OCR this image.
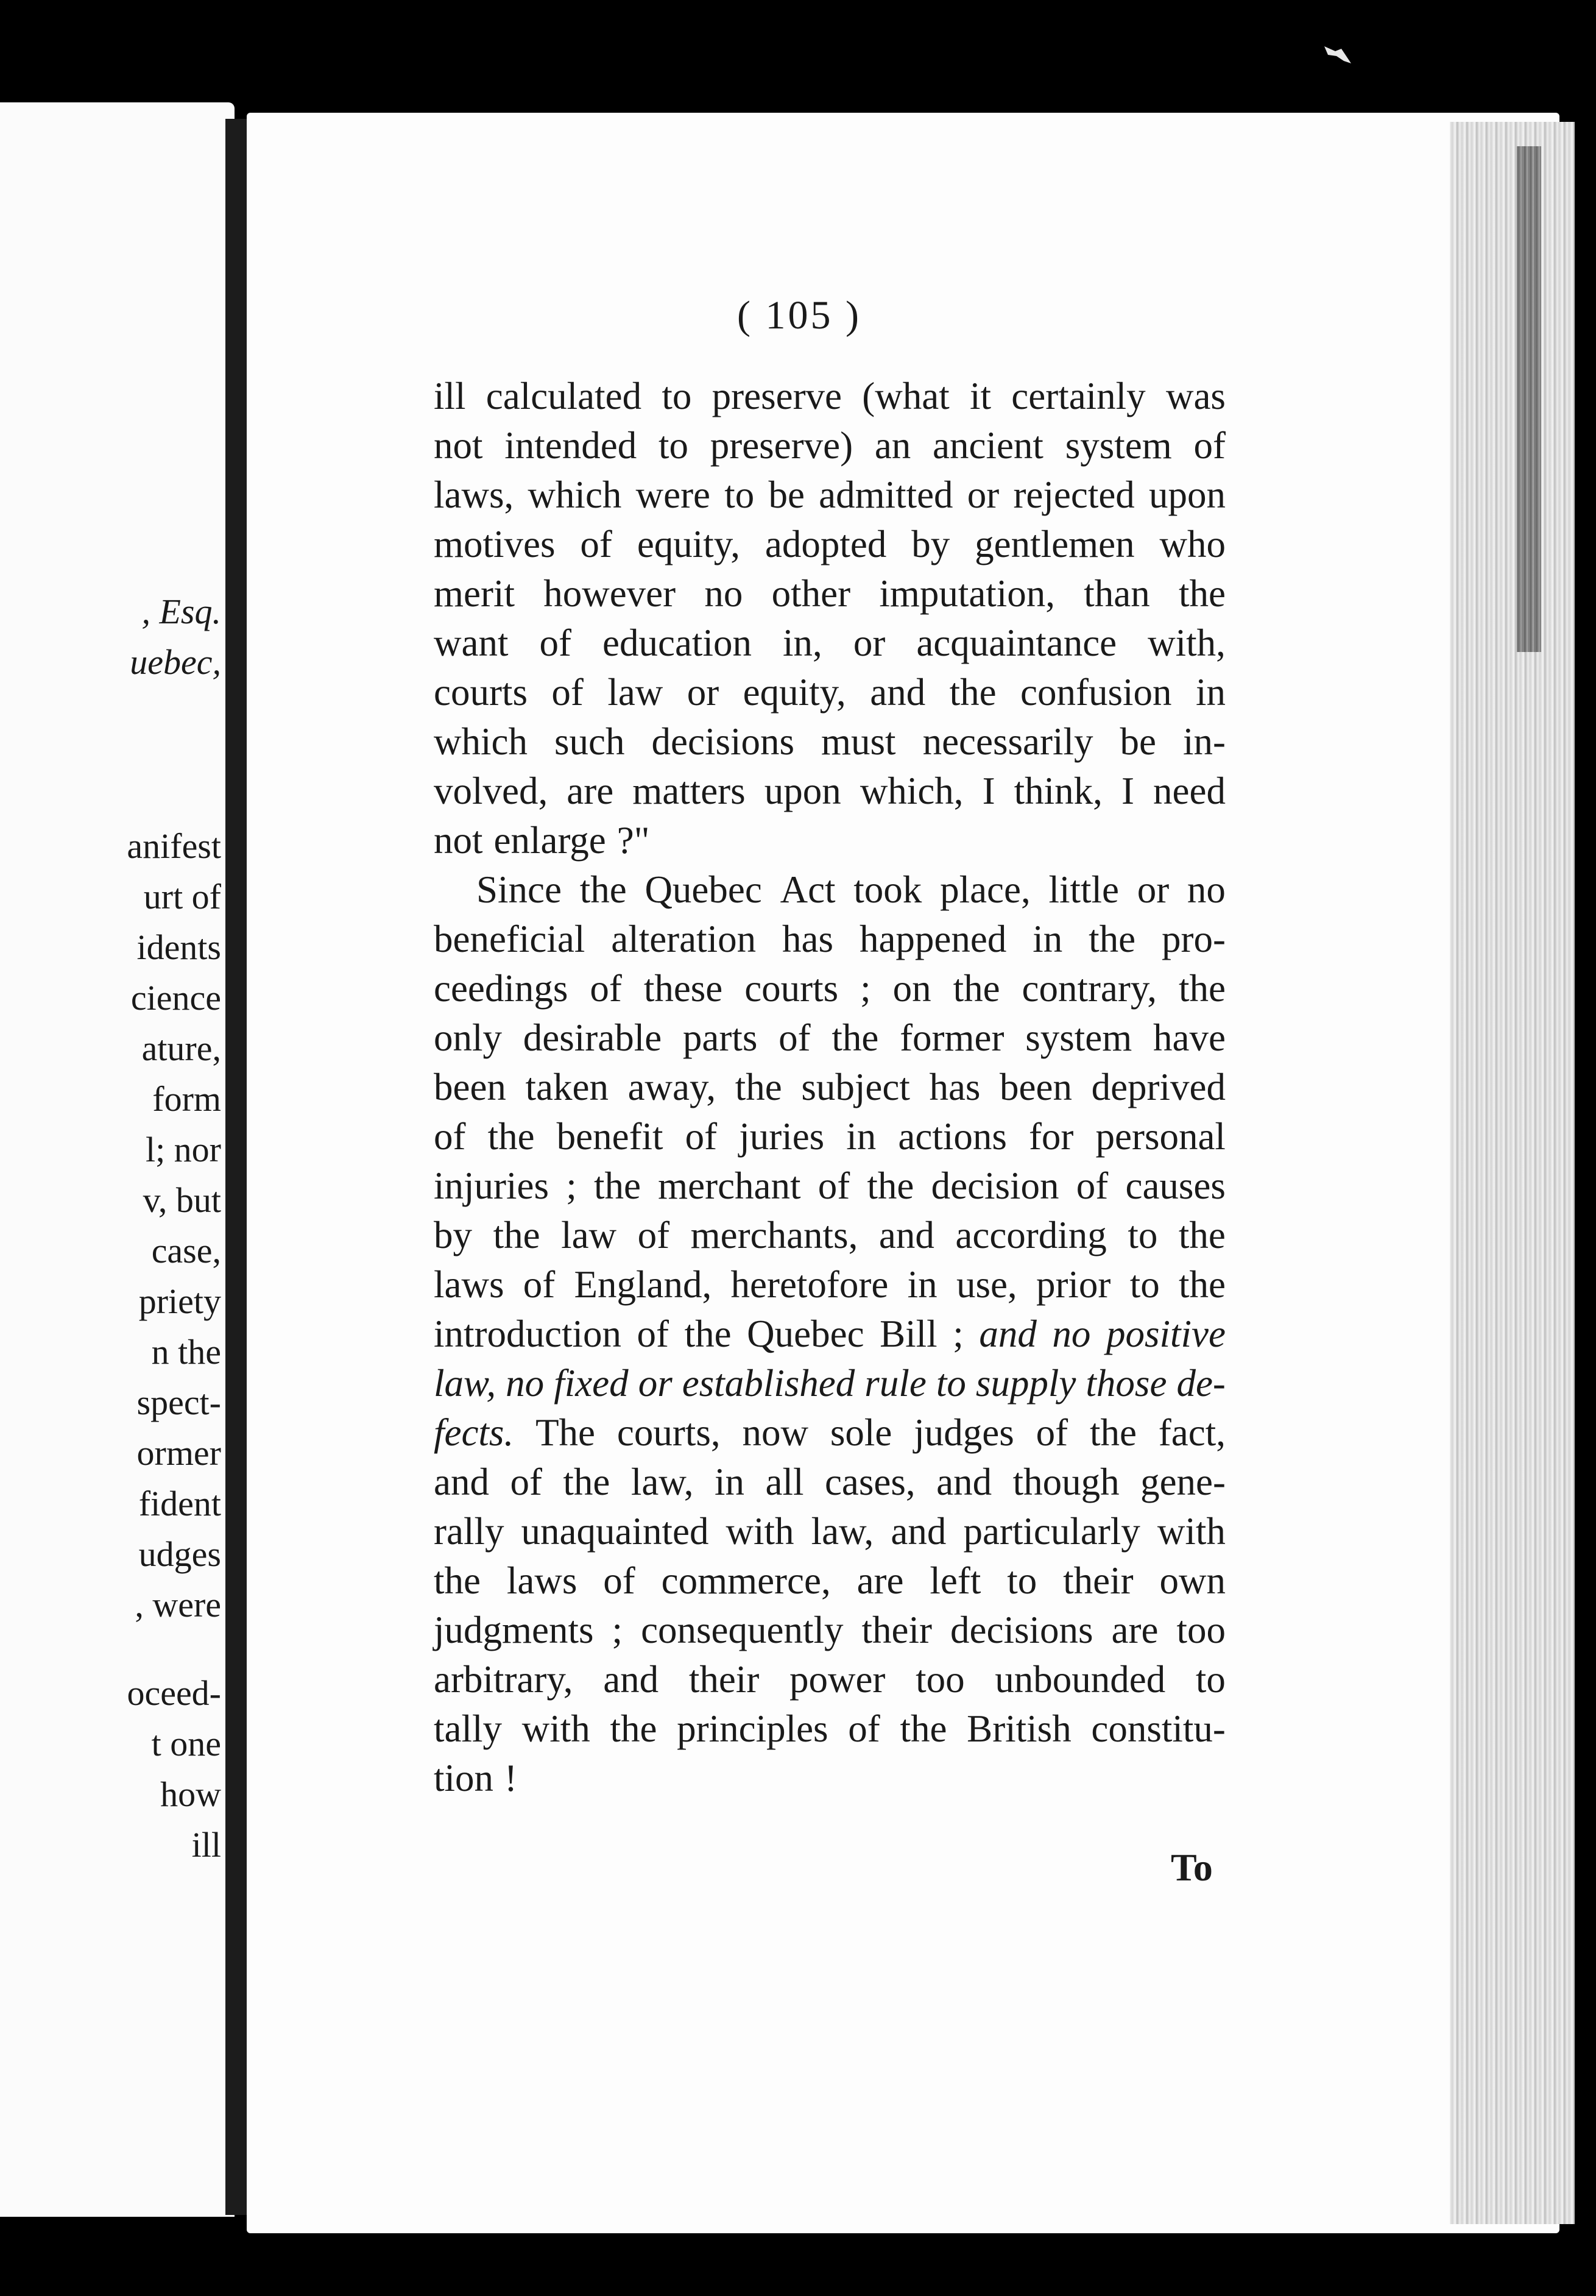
, Esq.
uebec,
anifest
urt of
idents
cience
ature,
form
l; nor
v, but
case,
priety
n the
spect-
ormer
fident
udges
, were
oceed-
t one
how
ill
( 105 )
ill calculated to preserve (what it certainly was
not intended to preserve) an ancient system of
laws, which were to be admitted or rejected upon
motives of equity, adopted by gentlemen who
merit however no other imputation, than the
want of education in, or acquaintance with,
courts of law or equity, and the confusion in
which such decisions must necessarily be in-
volved, are matters upon which, I think, I need
not enlarge ?"
Since the Quebec Act took place, little or no
beneficial alteration has happened in the pro-
ceedings of these courts ; on the contrary, the
only desirable parts of the former system have
been taken away, the subject has been deprived
of the benefit of juries in actions for personal
injuries ; the merchant of the decision of causes
by the law of merchants, and according to the
laws of England, heretofore in use, prior to the
introduction of the Quebec Bill ; and no positive
law, no fixed or established rule to supply those de-
fects. The courts, now sole judges of the fact,
and of the law, in all cases, and though gene-
rally unaquainted with law, and particularly with
the laws of commerce, are left to their own
judgments ; consequently their decisions are too
arbitrary, and their power too unbounded to
tally with the principles of the British constitu-
tion !
To
